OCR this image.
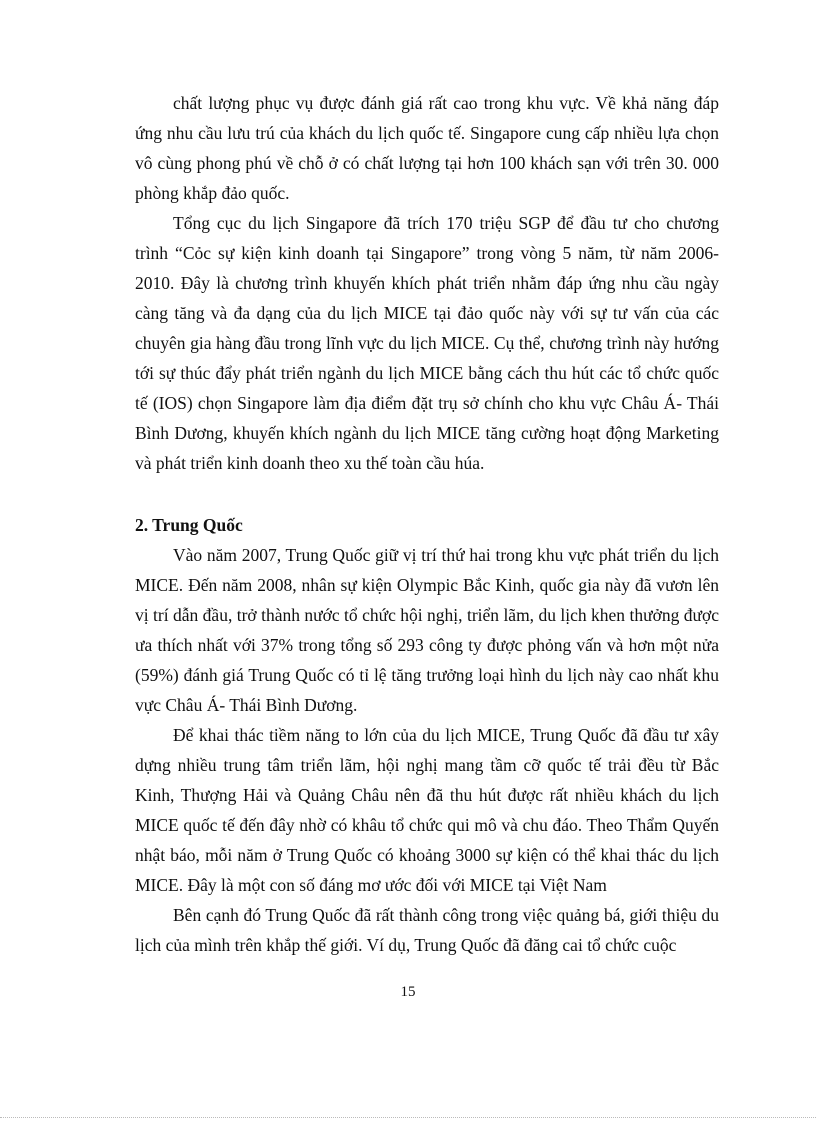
chất lượng phục vụ được đánh giá rất cao trong khu vực. Về khả năng đáp ứng nhu cầu lưu trú của khách du lịch quốc tế. Singapore cung cấp nhiều lựa chọn vô cùng phong phú về chỗ ở có chất lượng tại hơn 100 khách sạn với trên 30. 000 phòng khắp đảo quốc.

Tổng cục du lịch Singapore đã trích 170 triệu SGP để đầu tư cho chương trình “Cỏc sự kiện kinh doanh tại Singapore” trong vòng 5 năm, từ năm 2006-2010. Đây là chương trình khuyến khích phát triển nhằm đáp ứng nhu cầu ngày càng tăng và đa dạng của du lịch MICE tại đảo quốc này với sự tư vấn của các chuyên gia hàng đầu trong lĩnh vực du lịch MICE. Cụ thể, chương trình này hướng tới sự thúc đẩy phát triển ngành du lịch MICE bằng cách thu hút các tổ chức quốc tế (IOS) chọn Singapore làm địa điểm đặt trụ sở chính cho khu vực Châu Á- Thái Bình Dương, khuyến khích ngành du lịch MICE tăng cường hoạt động Marketing và phát triển kinh doanh theo xu thế toàn cầu húa.

2. Trung Quốc

Vào năm 2007, Trung Quốc giữ vị trí thứ hai trong khu vực phát triển du lịch MICE. Đến năm 2008, nhân sự kiện Olympic Bắc Kinh, quốc gia này đã vươn lên vị trí dẫn đầu, trở thành nước tổ chức hội nghị, triển lãm, du lịch khen thưởng được ưa thích nhất với 37% trong tổng số 293 công ty được phỏng vấn và hơn một nửa (59%) đánh giá Trung Quốc có tỉ lệ tăng trưởng loại hình du lịch này cao nhất khu vực Châu Á- Thái Bình Dương.

Để khai thác tiềm năng to lớn của du lịch MICE, Trung Quốc đã đầu tư xây dựng nhiều trung tâm triển lãm, hội nghị mang tầm cỡ quốc tế trải đều từ Bắc Kinh, Thượng Hải và Quảng Châu nên đã thu hút được rất nhiều khách du lịch MICE quốc tế đến đây nhờ có khâu tổ chức qui mô và chu đáo. Theo Thẩm Quyến nhật báo, mỗi năm ở Trung Quốc có khoảng 3000 sự kiện có thể khai thác du lịch MICE. Đây là một con số đáng mơ ước đối với MICE tại Việt Nam

Bên cạnh đó Trung Quốc đã rất thành công trong việc quảng bá, giới thiệu du lịch của mình trên khắp thế giới. Ví dụ, Trung Quốc đã đăng cai tổ chức cuộc

15
